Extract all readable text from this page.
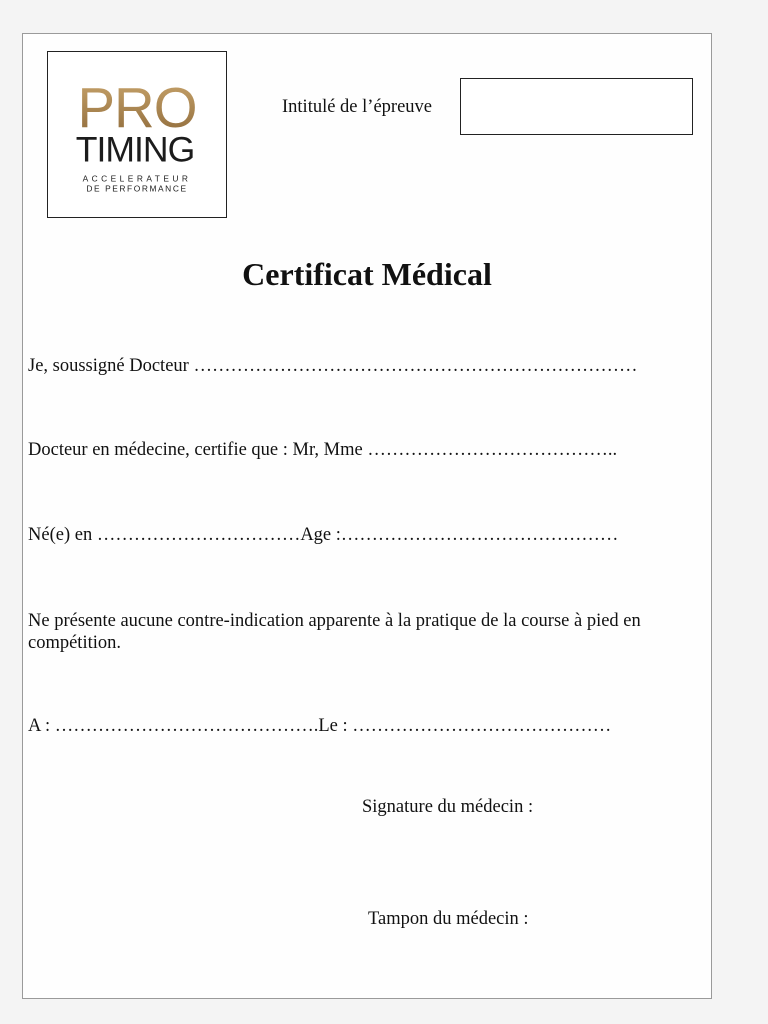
PRO
TIMING
ACCELERATEUR
DE PERFORMANCE
Intitulé de l’épreuve
Certificat Médical
Je, soussigné Docteur ………………………………………………………………
Docteur en médecine, certifie que : Mr, Mme …………………………………..
Né(e) en ……………………………Age :………………………………………
Ne présente aucune contre-indication apparente à la pratique de la course à pied en compétition.
A : …………………………………….Le : ……………………………………
Signature du médecin :
Tampon du médecin :
